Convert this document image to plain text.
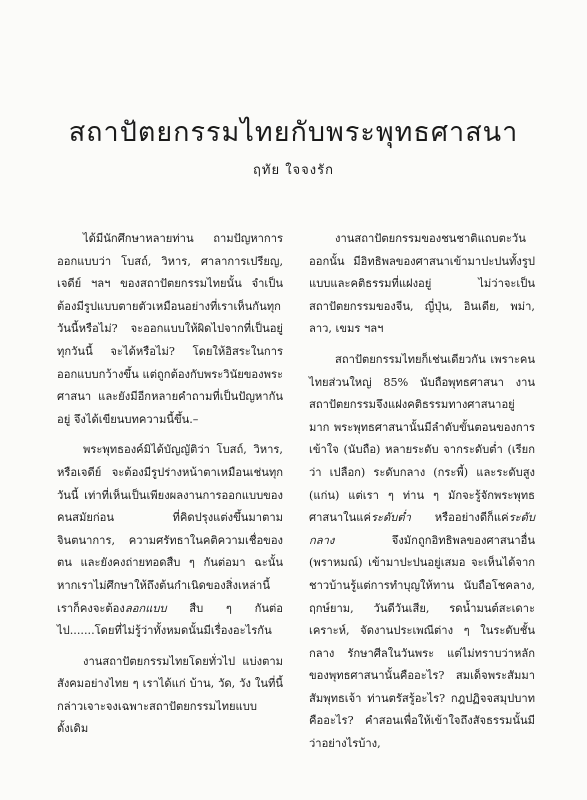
สถาปัตยกรรมไทยกับพระพุทธศาสนา
ฤทัย ใจจงรัก

ได้มีนักศึกษาหลายท่าน ถามปัญหาการออกแบบว่า โบสถ์, วิหาร, ศาลาการเปรียญ, เจดีย์ ฯลฯ ของสถาปัตยกรรมไทยนั้น จำเป็นต้องมีรูปแบบตายตัวเหมือนอย่างที่เราเห็นกันทุกวันนี้หรือไม่? จะออกแบบให้ผิดไปจากที่เป็นอยู่ทุกวันนี้ จะได้หรือไม่? โดยให้อิสระในการออกแบบกว้างขึ้น แต่ถูกต้องกับพระวินัยของพระศาสนา และยังมีอีกหลายคำถามที่เป็นปัญหากันอยู่ จึงได้เขียนบทความนี้ขึ้น.–

พระพุทธองค์มิได้บัญญัติว่า โบสถ์, วิหาร, หรือเจดีย์ จะต้องมีรูปร่างหน้าตาเหมือนเช่นทุกวันนี้ เท่าที่เห็นเป็นเพียงผลงานการออกแบบของคนสมัยก่อน ที่คิดปรุงแต่งขึ้นมาตามจินตนาการ, ความศรัทธาในคติความเชื่อของตน และยังคงถ่ายทอดสืบ ๆ กันต่อมา ฉะนั้นหากเราไม่ศึกษาให้ถึงต้นกำเนิดของสิ่งเหล่านี้ เราก็คงจะต้องลอกแบบ สืบ ๆ กันต่อไป.......โดยที่ไม่รู้ว่าทั้งหมดนั้นมีเรื่องอะไรกัน

งานสถาปัตยกรรมไทยโดยทั่วไป แบ่งตามสังคมอย่างไทย ๆ เราได้แก่ บ้าน, วัด, วัง ในที่นี้กล่าวเจาะจงเฉพาะสถาปัตยกรรมไทยแบบดั้งเดิม

งานสถาปัตยกรรมของชนชาติแถบตะวันออกนั้น มีอิทธิพลของศาสนาเข้ามาปะปนทั้งรูปแบบและคติธรรมที่แฝงอยู่ ไม่ว่าจะเป็นสถาปัตยกรรมของจีน, ญี่ปุ่น, อินเดีย, พม่า, ลาว, เขมร ฯลฯ

สถาปัตยกรรมไทยก็เช่นเดียวกัน เพราะคนไทยส่วนใหญ่ 85% นับถือพุทธศาสนา งานสถาปัตยกรรมจึงแฝงคติธรรมทางศาสนาอยู่มาก พระพุทธศาสนานั้นมีลำดับขั้นตอนของการเข้าใจ (นับถือ) หลายระดับ จากระดับต่ำ (เรียกว่า เปลือก) ระดับกลาง (กระพี้) และระดับสูง (แก่น) แต่เรา ๆ ท่าน ๆ มักจะรู้จักพระพุทธศาสนาในแค่ระดับต่ำ หรืออย่างดีก็แค่ระดับกลาง จึงมักถูกอิทธิพลของศาสนาอื่น (พราหมณ์) เข้ามาปะปนอยู่เสมอ จะเห็นได้จากชาวบ้านรู้แต่การทำบุญให้ทาน นับถือโชคลาง, ฤกษ์ยาม, วันดีวันเสีย, รดน้ำมนต์สะเดาะเคราะห์, จัดงานประเพณีต่าง ๆ ในระดับชั้นกลาง รักษาศีลในวันพระ แต่ไม่ทราบว่าหลักของพุทธศาสนานั้นคืออะไร? สมเด็จพระสัมมาสัมพุทธเจ้า ท่านตรัสรู้อะไร? กฎปฏิจจสมุปบาทคืออะไร? คำสอนเพื่อให้เข้าใจถึงสัจธรรมนั้นมีว่าอย่างไรบ้าง,
